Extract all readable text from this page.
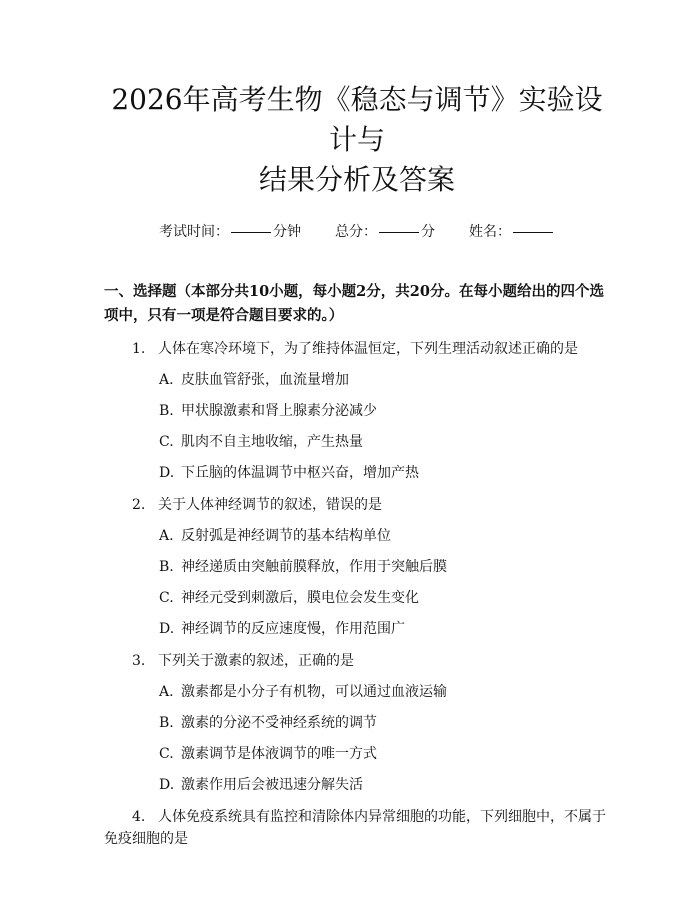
2026年高考生物《稳态与调节》实验设计与
结果分析及答案
考试时间：	分钟 总分：	分 姓名：
一、选择题（本部分共10小题，每小题2分，共20分。在每小题给出的四个选项中，只有一项是符合题目要求的。）
1. 人体在寒冷环境下，为了维持体温恒定，下列生理活动叙述正确的是
A. 皮肤血管舒张，血流量增加
B. 甲状腺激素和肾上腺素分泌减少
C. 肌肉不自主地收缩，产生热量
D. 下丘脑的体温调节中枢兴奋，增加产热
2. 关于人体神经调节的叙述，错误的是
A. 反射弧是神经调节的基本结构单位
B. 神经递质由突触前膜释放，作用于突触后膜
C. 神经元受到刺激后，膜电位会发生变化
D. 神经调节的反应速度慢，作用范围广
3. 下列关于激素的叙述，正确的是
A. 激素都是小分子有机物，可以通过血液运输
B. 激素的分泌不受神经系统的调节
C. 激素调节是体液调节的唯一方式
D. 激素作用后会被迅速分解失活
4. 人体免疫系统具有监控和清除体内异常细胞的功能，下列细胞中，不属于
免疫细胞的是
